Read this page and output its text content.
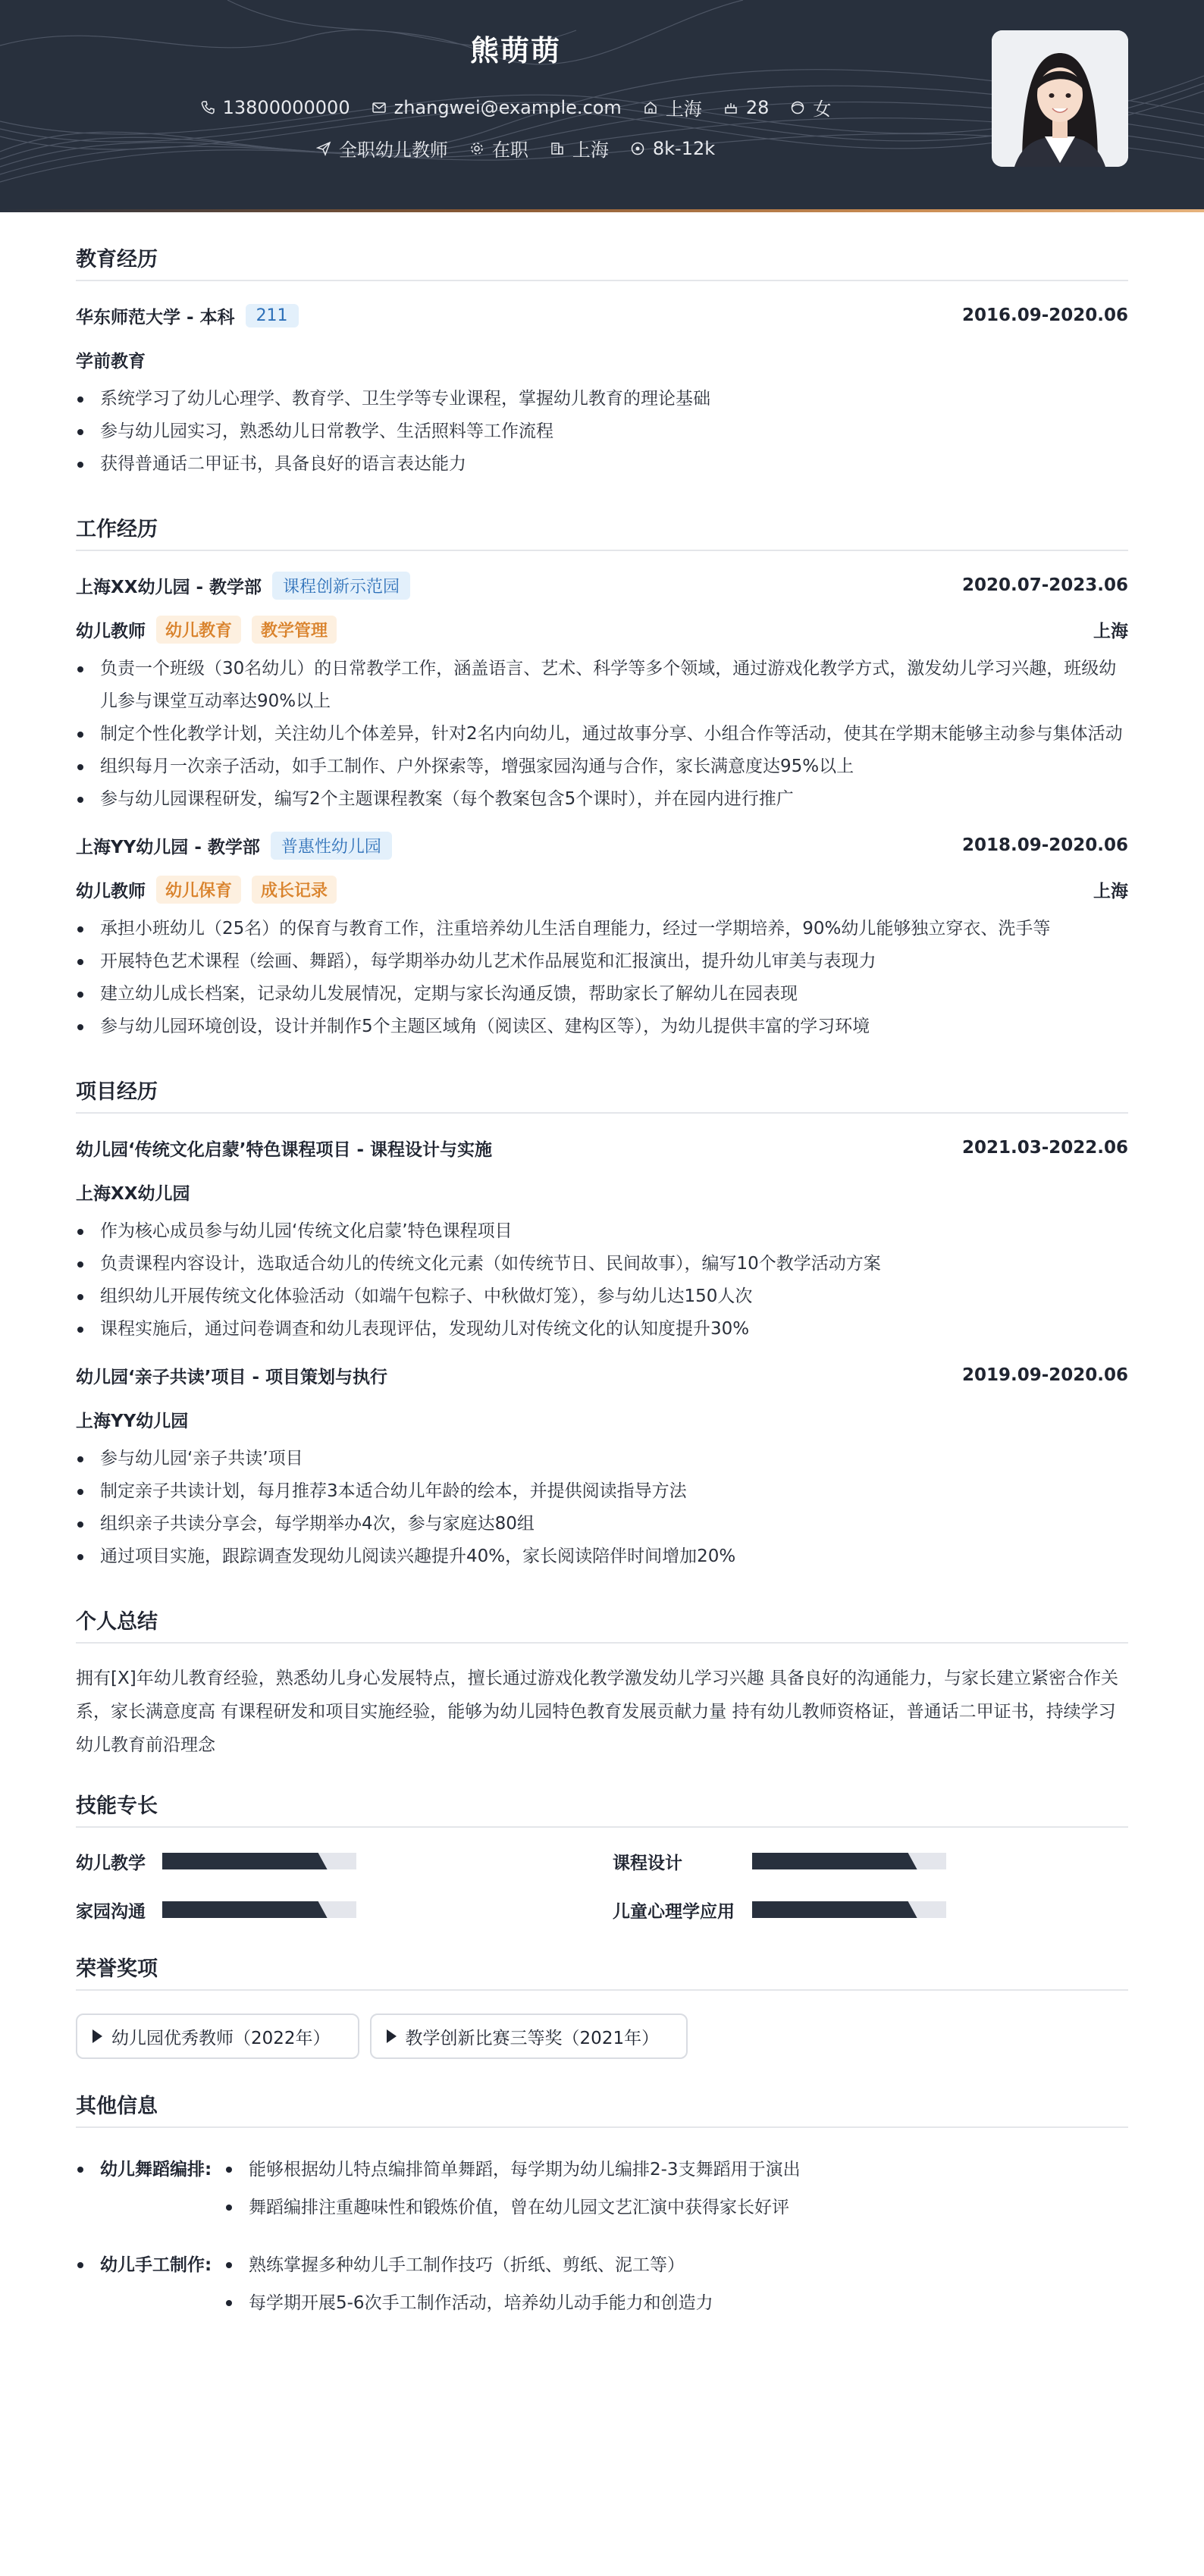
熊萌萌
13800000000 zhangwei@example.com 上海 28 女
全职幼儿教师 在职 上海 8k-12k
教育经历
华东师范大学 - 本科	211	2016.09-2020.06
学前教育
系统学习了幼儿心理学、教育学、卫生学等专业课程，掌握幼儿教育的理论基础
参与幼儿园实习，熟悉幼儿日常教学、生活照料等工作流程
获得普通话二甲证书，具备良好的语言表达能力
工作经历
上海XX幼儿园 - 教学部	课程创新示范园	2020.07-2023.06
幼儿教师	幼儿教育	教学管理	上海
负责一个班级（30名幼儿）的日常教学工作，涵盖语言、艺术、科学等多个领域，通过游戏化教学方式，激发幼儿学习兴趣，班级幼儿参与课堂互动率达90%以上
制定个性化教学计划，关注幼儿个体差异，针对2名内向幼儿，通过故事分享、小组合作等活动，使其在学期末能够主动参与集体活动
组织每月一次亲子活动，如手工制作、户外探索等，增强家园沟通与合作，家长满意度达95%以上
参与幼儿园课程研发，编写2个主题课程教案（每个教案包含5个课时），并在园内进行推广
上海YY幼儿园 - 教学部	普惠性幼儿园	2018.09-2020.06
幼儿教师	幼儿保育	成长记录	上海
承担小班幼儿（25名）的保育与教育工作，注重培养幼儿生活自理能力，经过一学期培养，90%幼儿能够独立穿衣、洗手等
开展特色艺术课程（绘画、舞蹈），每学期举办幼儿艺术作品展览和汇报演出，提升幼儿审美与表现力
建立幼儿成长档案，记录幼儿发展情况，定期与家长沟通反馈，帮助家长了解幼儿在园表现
参与幼儿园环境创设，设计并制作5个主题区域角（阅读区、建构区等），为幼儿提供丰富的学习环境
项目经历
幼儿园‘传统文化启蒙’特色课程项目 - 课程设计与实施	2021.03-2022.06
上海XX幼儿园
作为核心成员参与幼儿园‘传统文化启蒙’特色课程项目
负责课程内容设计，选取适合幼儿的传统文化元素（如传统节日、民间故事），编写10个教学活动方案
组织幼儿开展传统文化体验活动（如端午包粽子、中秋做灯笼），参与幼儿达150人次
课程实施后，通过问卷调查和幼儿表现评估，发现幼儿对传统文化的认知度提升30%
幼儿园‘亲子共读’项目 - 项目策划与执行	2019.09-2020.06
上海YY幼儿园
参与幼儿园‘亲子共读’项目
制定亲子共读计划，每月推荐3本适合幼儿年龄的绘本，并提供阅读指导方法
组织亲子共读分享会，每学期举办4次，参与家庭达80组
通过项目实施，跟踪调查发现幼儿阅读兴趣提升40%，家长阅读陪伴时间增加20%
个人总结
拥有[X]年幼儿教育经验，熟悉幼儿身心发展特点，擅长通过游戏化教学激发幼儿学习兴趣 具备良好的沟通能力，与家长建立紧密合作关系，家长满意度高 有课程研发和项目实施经验，能够为幼儿园特色教育发展贡献力量 持有幼儿教师资格证，普通话二甲证书，持续学习幼儿教育前沿理念
技能专长
幼儿教学	课程设计
家园沟通	儿童心理学应用
荣誉奖项
幼儿园优秀教师（2022年）	教学创新比赛三等奖（2021年）
其他信息
幼儿舞蹈编排:	能够根据幼儿特点编排简单舞蹈，每学期为幼儿编排2-3支舞蹈用于演出
舞蹈编排注重趣味性和锻炼价值，曾在幼儿园文艺汇演中获得家长好评
幼儿手工制作:	熟练掌握多种幼儿手工制作技巧（折纸、剪纸、泥工等）
每学期开展5-6次手工制作活动，培养幼儿动手能力和创造力
